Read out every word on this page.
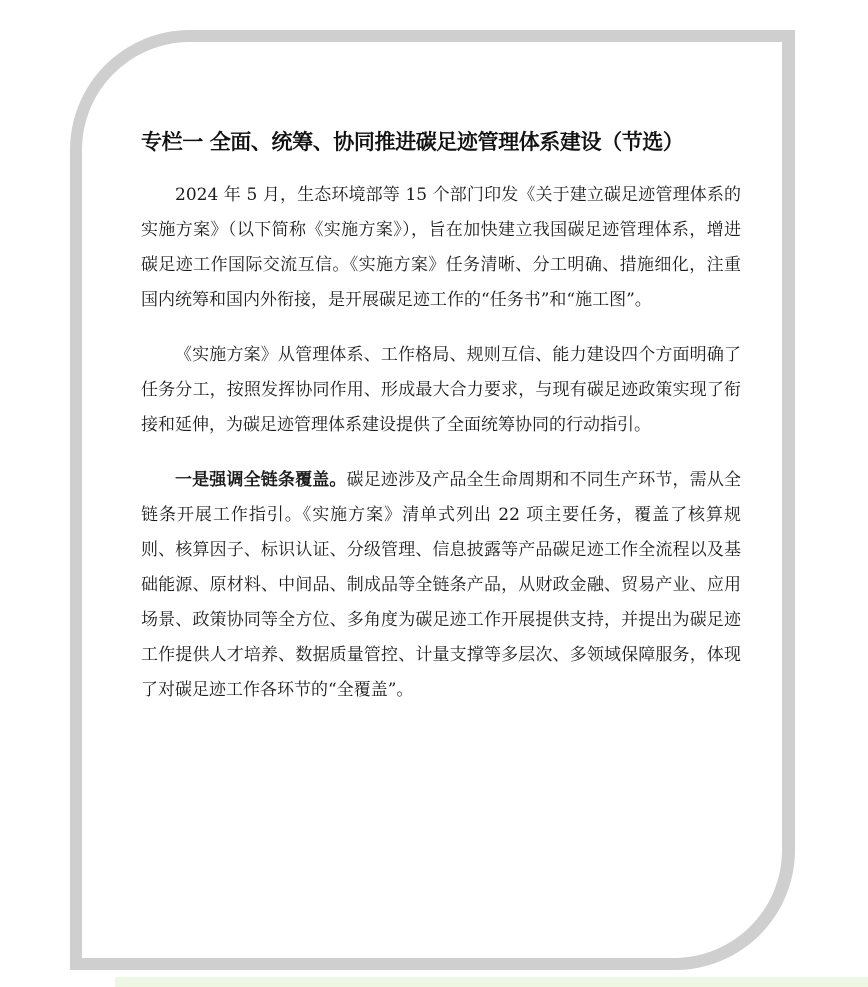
专栏一 全面、统筹、协同推进碳足迹管理体系建设（节选）

2024 年 5 月，生态环境部等 15 个部门印发《关于建立碳足迹管理体系的实施方案》（以下简称《实施方案》），旨在加快建立我国碳足迹管理体系，增进碳足迹工作国际交流互信。《实施方案》任务清晰、分工明确、措施细化，注重国内统筹和国内外衔接，是开展碳足迹工作的“任务书”和“施工图”。

《实施方案》从管理体系、工作格局、规则互信、能力建设四个方面明确了任务分工，按照发挥协同作用、形成最大合力要求，与现有碳足迹政策实现了衔接和延伸，为碳足迹管理体系建设提供了全面统筹协同的行动指引。

一是强调全链条覆盖。碳足迹涉及产品全生命周期和不同生产环节，需从全链条开展工作指引。《实施方案》清单式列出 22 项主要任务，覆盖了核算规则、核算因子、标识认证、分级管理、信息披露等产品碳足迹工作全流程以及基础能源、原材料、中间品、制成品等全链条产品，从财政金融、贸易产业、应用场景、政策协同等全方位、多角度为碳足迹工作开展提供支持，并提出为碳足迹工作提供人才培养、数据质量管控、计量支撑等多层次、多领域保障服务，体现了对碳足迹工作各环节的“全覆盖”。
